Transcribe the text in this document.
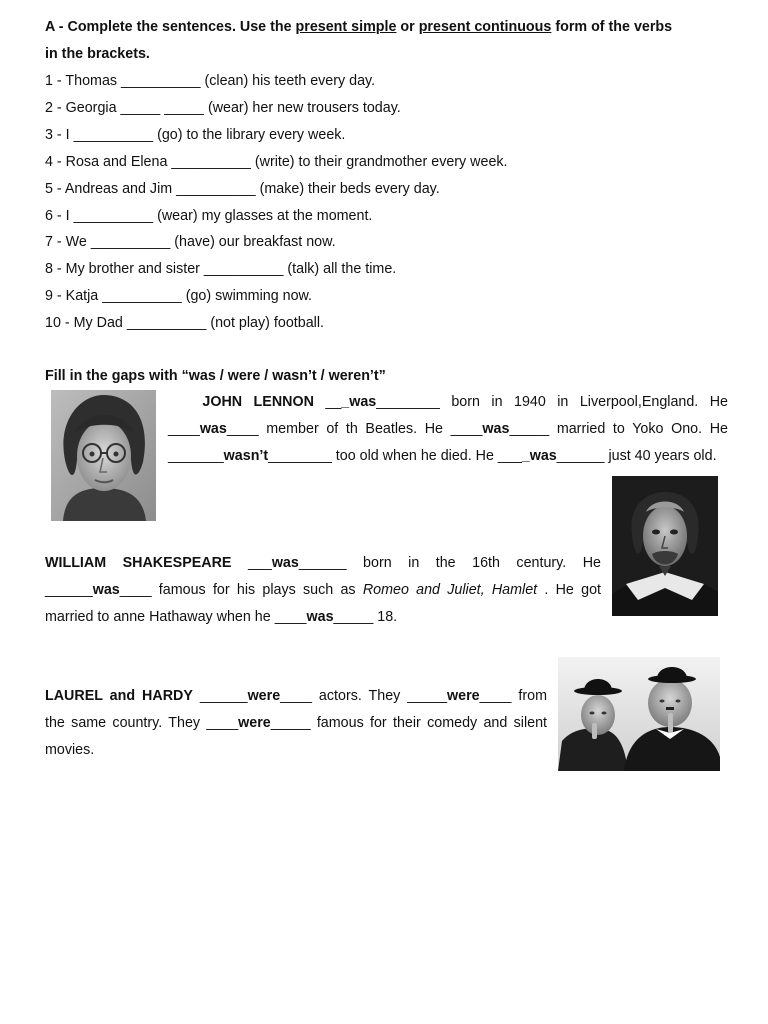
A - Complete the sentences. Use the present simple or present continuous form of the verbs
in the brackets.
1 - Thomas __________ (clean) his teeth every day.
2 - Georgia _____ _____ (wear) her new trousers today.
3 - I __________ (go) to the library every week.
4 - Rosa and Elena __________ (write) to their grandmother every week.
5 - Andreas and Jim __________ (make) their beds every day.
6 - I __________ (wear) my glasses at the moment.
7 - We __________ (have) our breakfast now.
8 - My brother and sister __________ (talk) all the time.
9 - Katja __________ (go) swimming now.
10 - My Dad __________ (not play) football.
Fill in the gaps with “was / were / wasn’t / weren’t”
JOHN LENNON ___was________ born in 1940 in Liverpool,England. He ____was____ member of th Beatles. He ____was_____ married to Yoko Ono. He _______wasn’t________ too old when he died. He ____was______ just 40 years old.
WILLIAM SHAKESPEARE ___was______ born in the 16th century. He ______was____ famous for his plays such as Romeo and Juliet, Hamlet . He got married to anne Hathaway when he ____was_____ 18.
LAUREL and HARDY ______were____ actors. They _____were____ from the same country. They ____were_____ famous for their comedy and silent movies.
